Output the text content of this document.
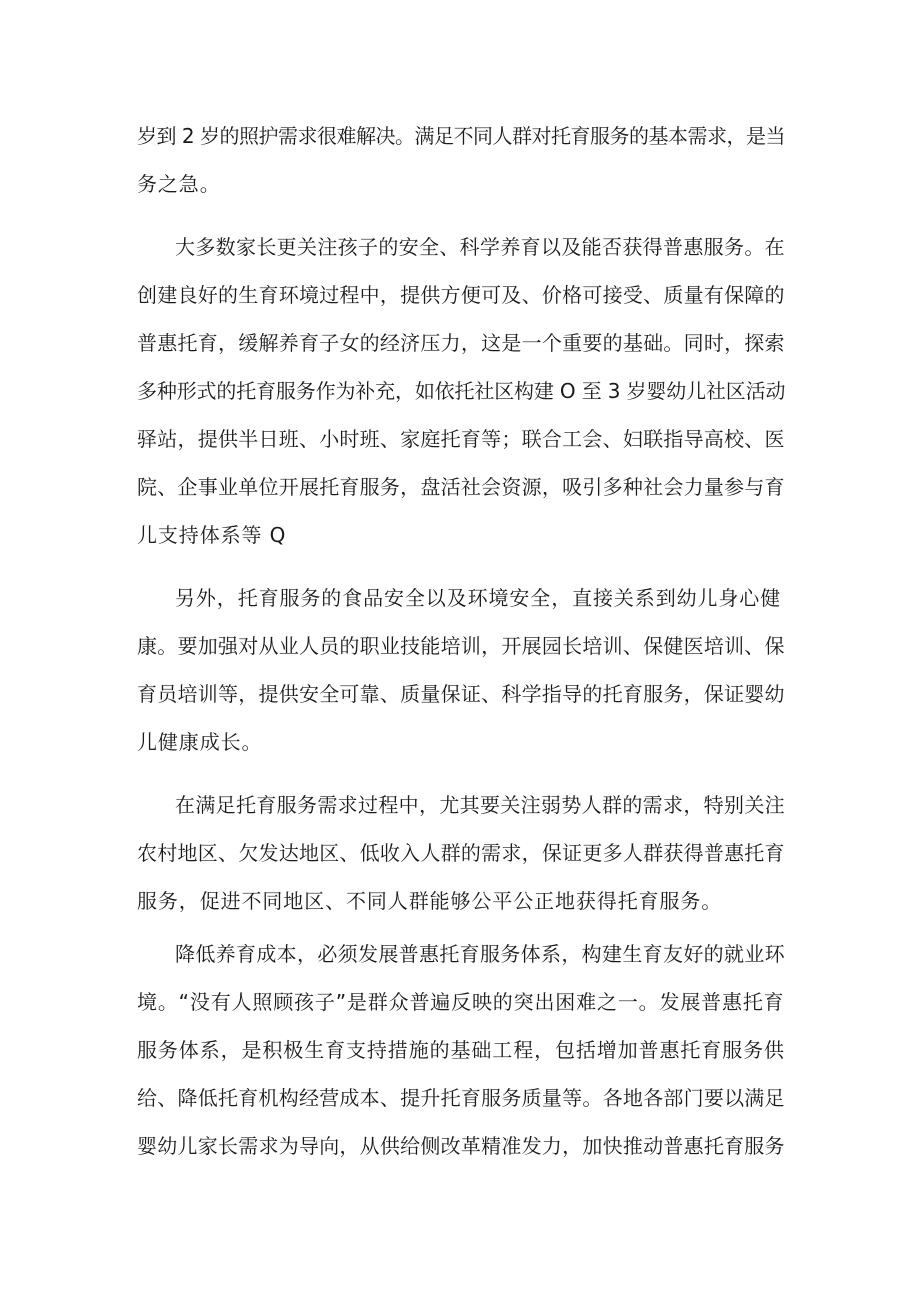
岁到 2 岁的照护需求很难解决。满足不同人群对托育服务的基本需求，是当
务之急。
大多数家长更关注孩子的安全、科学养育以及能否获得普惠服务。在
创建良好的生育环境过程中，提供方便可及、价格可接受、质量有保障的
普惠托育，缓解养育子女的经济压力，这是一个重要的基础。同时，探索
多种形式的托育服务作为补充，如依托社区构建 O 至 3 岁婴幼儿社区活动
驿站，提供半日班、小时班、家庭托育等；联合工会、妇联指导高校、医
院、企事业单位开展托育服务，盘活社会资源，吸引多种社会力量参与育
儿支持体系等 Q
另外，托育服务的食品安全以及环境安全，直接关系到幼儿身心健
康。要加强对从业人员的职业技能培训，开展园长培训、保健医培训、保
育员培训等，提供安全可靠、质量保证、科学指导的托育服务，保证婴幼
儿健康成长。
在满足托育服务需求过程中，尤其要关注弱势人群的需求，特别关注
农村地区、欠发达地区、低收入人群的需求，保证更多人群获得普惠托育
服务，促进不同地区、不同人群能够公平公正地获得托育服务。
降低养育成本，必须发展普惠托育服务体系，构建生育友好的就业环
境。“没有人照顾孩子”是群众普遍反映的突出困难之一。发展普惠托育
服务体系，是积极生育支持措施的基础工程，包括增加普惠托育服务供
给、降低托育机构经营成本、提升托育服务质量等。各地各部门要以满足
婴幼儿家长需求为导向，从供给侧改革精准发力，加快推动普惠托育服务
